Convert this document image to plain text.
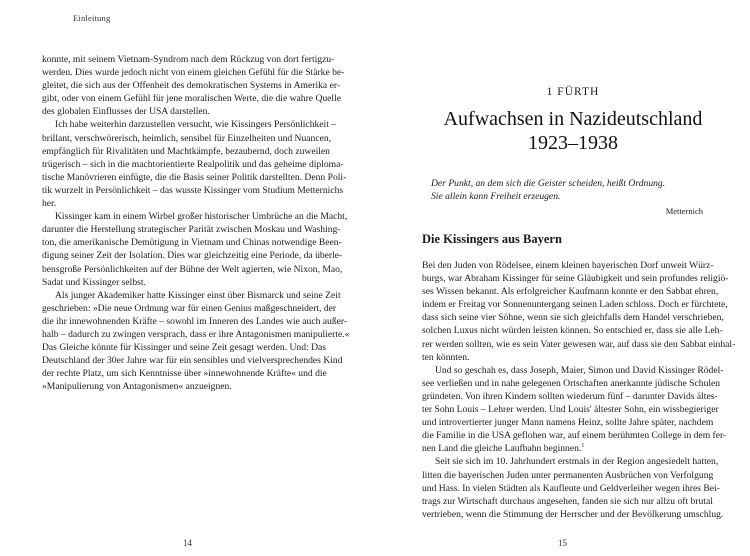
Einleitung
konnte, mit seinem Vietnam-Syndrom nach dem Rückzug von dort fertigzu-
werden. Dies wurde jedoch nicht von einem gleichen Gefühl für die Stärke be-
gleitet, die sich aus der Offenheit des demokratischen Systems in Amerika er-
gibt, oder von einem Gefühl für jene moralischen Werte, die die wahre Quelle
des globalen Einflusses der USA darstellen.
Ich habe weiterhin darzustellen versucht, wie Kissingers Persönlichkeit –
brillant, verschwörerisch, heimlich, sensibel für Einzelheiten und Nuancen,
empfänglich für Rivalitäten und Machtkämpfe, bezaubernd, doch zuweilen
trügerisch – sich in die machtorientierte Realpolitik und das geheime diploma-
tische Manövrieren einfügte, die die Basis seiner Politik darstellten. Denn Poli-
tik wurzelt in Persönlichkeit – das wusste Kissinger vom Studium Metternichs
her.
Kissinger kam in einem Wirbel großer historischer Umbrüche an die Macht,
darunter die Herstellung strategischer Parität zwischen Moskau und Washing-
ton, die amerikanische Demütigung in Vietnam und Chinas notwendige Been-
digung seiner Zeit der Isolation. Dies war gleichzeitig eine Periode, da überle-
bensgroße Persönlichkeiten auf der Bühne der Welt agierten, wie Nixon, Mao,
Sadat und Kissinger selbst.
Als junger Akademiker hatte Kissinger einst über Bismarck und seine Zeit
geschrieben: »Die neue Ordnung war für einen Genius maßgeschneidert, der
die ihr innewohnenden Kräfte – sowohl im Inneren des Landes wie auch außer-
halb – dadurch zu zwingen versprach, dass er ihre Antagonismen manipulierte.«
Das Gleiche könnte für Kissinger und seine Zeit gesagt werden. Und: Das
Deutschland der 30er Jahre war für ein sensibles und vielversprechendes Kind
der rechte Platz, um sich Kenntnisse über »innewohnende Kräfte« und die
»Manipulierung von Antagonismen« anzueignen.
14
1 FÜRTH
Aufwachsen in Nazideutschland
1923–1938
Der Punkt, an dem sich die Geister scheiden, heißt Ordnung.
Sie allein kann Freiheit erzeugen.
Metternich
Die Kissingers aus Bayern
Bei den Juden von Rödelsee, einem kleinen bayerischen Dorf unweit Würz-
burgs, war Abraham Kissinger für seine Gläubigkeit und sein profundes religiö-
ses Wissen bekannt. Als erfolgreicher Kaufmann konnte er den Sabbat ehren,
indem er Freitag vor Sonnenuntergang seinen Laden schloss. Doch er fürchtete,
dass sich seine vier Söhne, wenn sie sich gleichfalls dem Handel verschrieben,
solchen Luxus nicht würden leisten können. So entschied er, dass sie alle Leh-
rer werden sollten, wie es sein Vater gewesen war, auf dass sie den Sabbat einhal-
ten könnten.
Und so geschah es, dass Joseph, Maier, Simon und David Kissinger Rödel-
see verließen und in nahe gelegenen Ortschaften anerkannte jüdische Schulen
gründeten. Von ihren Kindern sollten wiederum fünf – darunter Davids ältes-
ter Sohn Louis – Lehrer werden. Und Louis' ältester Sohn, ein wissbegieriger
und introvertierter junger Mann namens Heinz, sollte Jahre später, nachdem
die Familie in die USA geflohen war, auf einem berühmten College in dem fer-
nen Land die gleiche Laufbahn beginnen.$^1$
Seit sie sich im 10. Jahrhundert erstmals in der Region angesiedelt hatten,
litten die bayerischen Juden unter permanenten Ausbrüchen von Verfolgung
und Hass. In vielen Städten als Kaufleute und Geldverleiher wegen ihres Bei-
trags zur Wirtschaft durchaus angesehen, fanden sie sich nur allzu oft brutal
vertrieben, wenn die Stimmung der Herrscher und der Bevölkerung umschlug.
15
